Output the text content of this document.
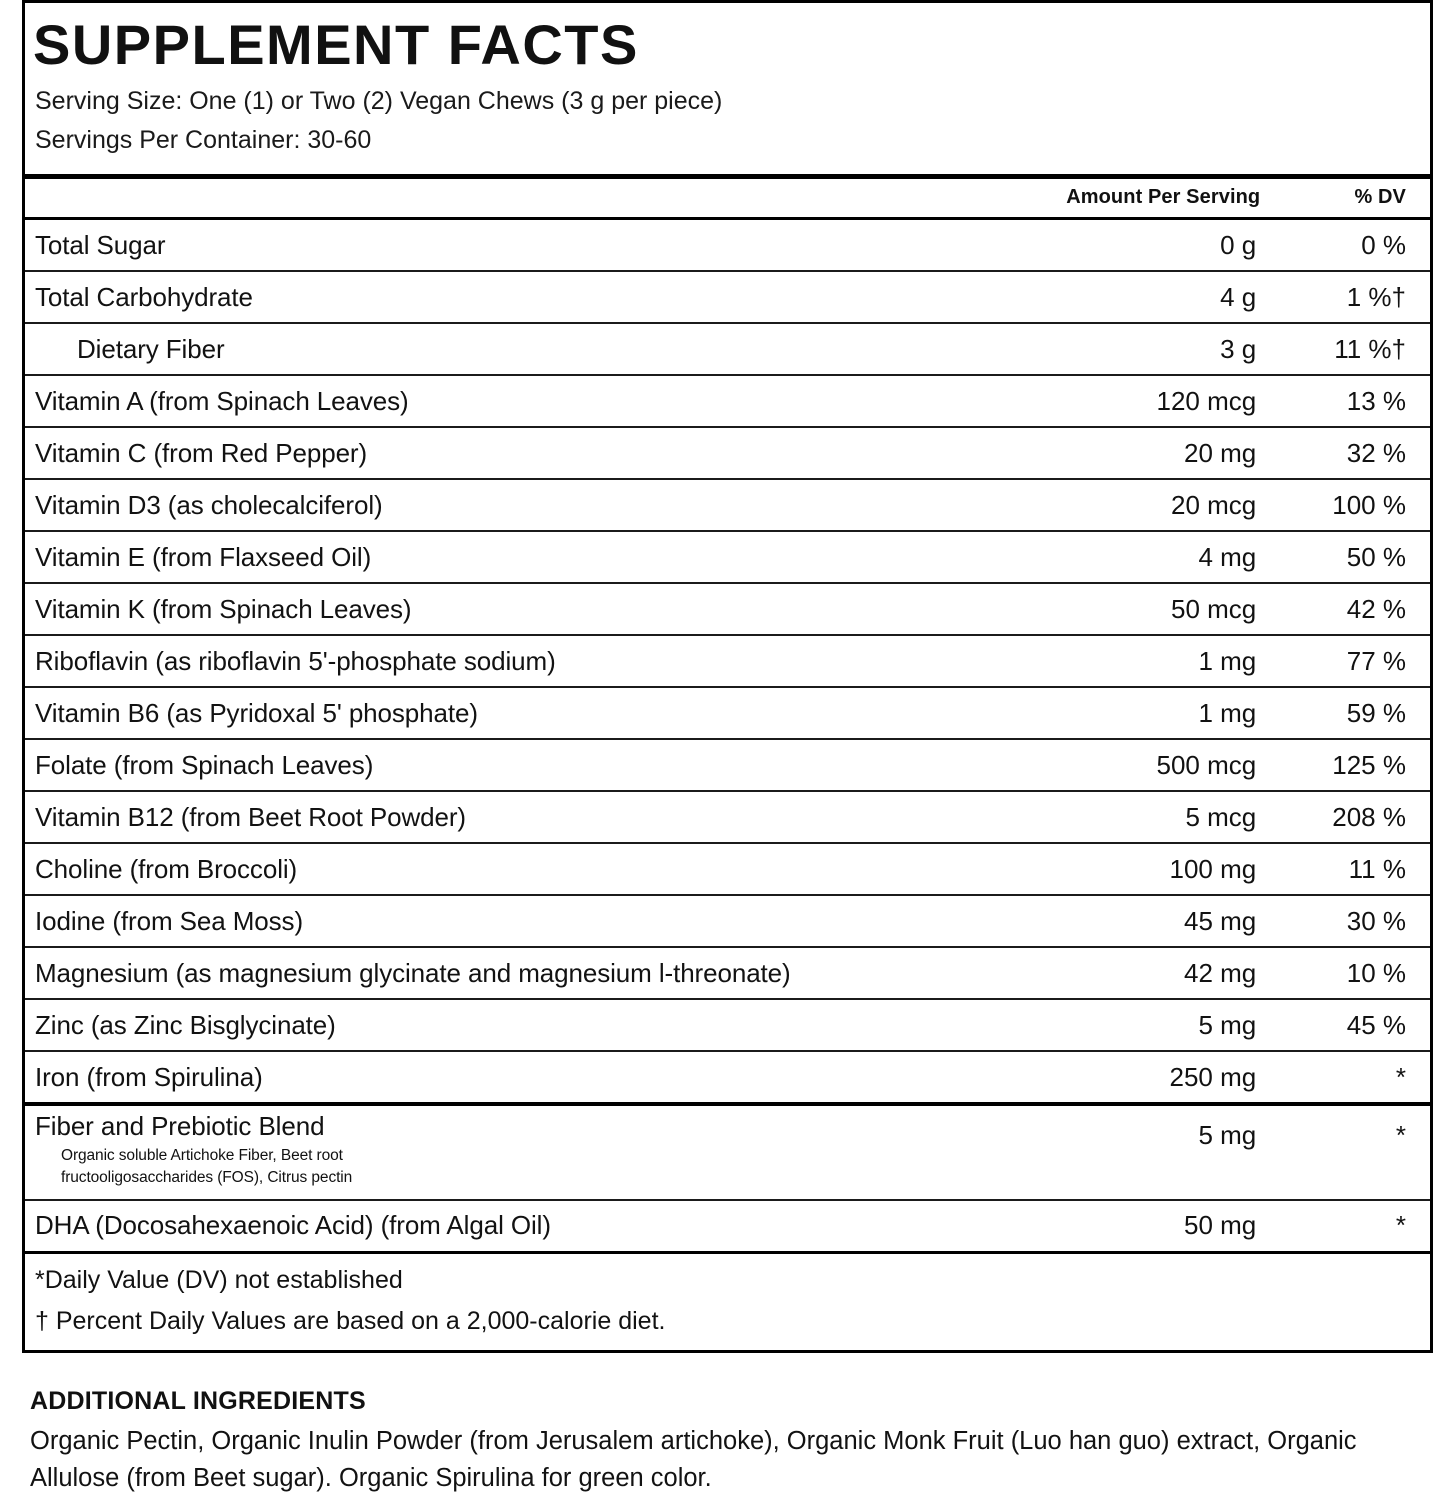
SUPPLEMENT FACTS
Serving Size: One (1) or Two (2) Vegan Chews (3 g per piece)
Servings Per Container: 30-60
	Amount Per Serving	% DV
Total Sugar	0 g	0 %
Total Carbohydrate	4 g	1 %†
Dietary Fiber	3 g	11 %†
Vitamin A (from Spinach Leaves)	120 mcg	13 %
Vitamin C (from Red Pepper)	20 mg	32 %
Vitamin D3 (as cholecalciferol)	20 mcg	100 %
Vitamin E (from Flaxseed Oil)	4 mg	50 %
Vitamin K (from Spinach Leaves)	50 mcg	42 %
Riboflavin (as riboflavin 5'-phosphate sodium)	1 mg	77 %
Vitamin B6 (as Pyridoxal 5' phosphate)	1 mg	59 %
Folate (from Spinach Leaves)	500 mcg	125 %
Vitamin B12 (from Beet Root Powder)	5 mcg	208 %
Choline (from Broccoli)	100 mg	11 %
Iodine (from Sea Moss)	45 mg	30 %
Magnesium (as magnesium glycinate and magnesium l-threonate)	42 mg	10 %
Zinc (as Zinc Bisglycinate)	5 mg	45 %
Iron (from Spirulina)	250 mg	*

Fiber and Prebiotic Blend
Organic soluble Artichoke Fiber, Beet root
fructooligosaccharides (FOS), Citrus pectin	5 mg	*
DHA (Docosahexaenoic Acid) (from Algal Oil)	50 mg	*
*Daily Value (DV) not established		
† Percent Daily Values are based on a 2,000-calorie diet.		
ADDITIONAL INGREDIENTS
Organic Pectin, Organic Inulin Powder (from Jerusalem artichoke), Organic Monk Fruit (Luo han guo) extract, Organic Allulose (from Beet sugar). Organic Spirulina for green color.
